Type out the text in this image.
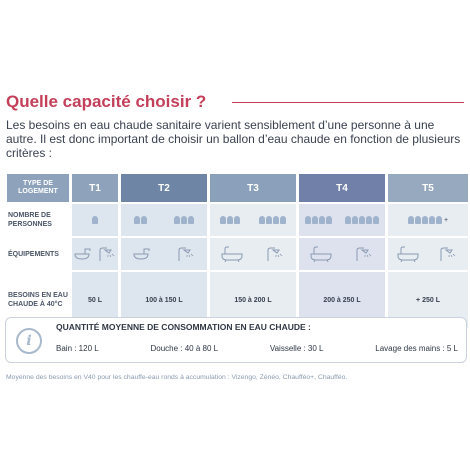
Quelle capacité choisir ?
Les besoins en eau chaude sanitaire varient sensiblement d’une personne à une autre. Il est donc important de choisir un ballon d’eau chaude en fonction de plusieurs critères :
TYPE DE LOGEMENT	T1	T2	T3	T4	T5
NOMBRE DE PERSONNES					+

ÉQUIPEMENTS	

BESOINS EN EAU CHAUDE À 40°C	50 L	100 à 150 L	150 à 200 L	200 à 250 L	+ 250 L
i
QUANTITÉ MOYENNE DE CONSOMMATION EN EAU CHAUDE :
Bain : 120 L	Douche : 40 à 80 L	Vaisselle : 30 L	Lavage des mains : 5 L
Moyenne des besoins en V40 pour les chauffe-eau ronds à accumulation : Vizengo, Zénéo, Chaufféo+, Chaufféo.
